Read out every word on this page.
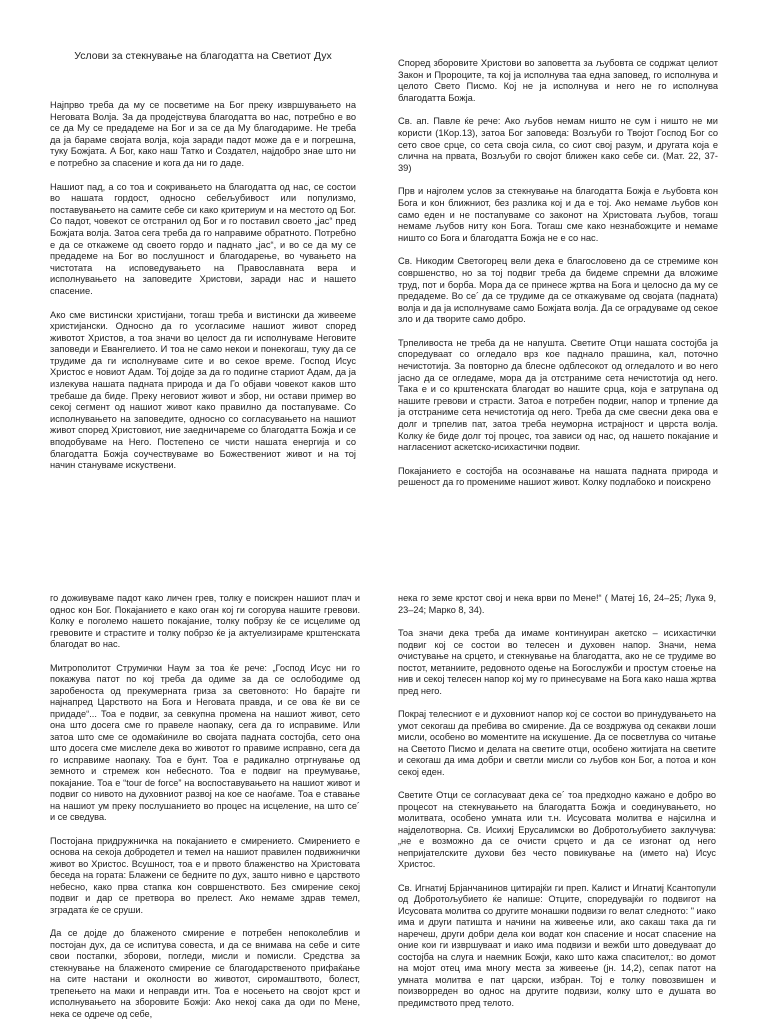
Услови за стекнување на благодатта на Светиот Дух

Најпрво треба да му се посветиме на Бог преку извршувањето на Неговата Волја. За да продејствува благодатта во нас, потребно е во се да Му се предадеме на Бог и за се да Му благодариме. Не треба да ја бараме својата волја, која заради падот може да е и погрешна, туку Божјата. А Бог, како наш Татко и Создател, најдобро знае што ни е потребно за спасение и кога да ни го даде.

Нашиот пад, а со тоа и сокривањето на благодатта од нас, се состои во нашата гордост, односно себељубивост или популизмо, поставувањето на самите себе си како критериум и на местото од Бог. Со падот, човекот се отстранил од Бог и го поставил своето „јас“ пред Божјата волја. Затоа сега треба да го направиме обратното. Потребно е да се откажеме од своето гордо и паднато „јас“, и во се да му се предадеме на Бог во послушност и благодарење, во чувањето на чистотата на исповедувањето на Православната вера и исполнувањето на заповедите Христови, заради нас и нашето спасение.

Ако сме вистински христијани, тогаш треба и вистински да живееме христијански. Односно да го усогласиме нашиот живот според животот Христов, а тоа значи во целост да ги исполнуваме Неговите заповеди и Евангелието. И тоа не само некои и понекогаш, туку да се трудиме да ги исполнуваме сите и во секое време. Господ Исус Христос е новиот Адам. Тој дојде за да го подигне стариот Адам, да ја излекува нашата падната природа и да Го објави човекот каков што требаше да биде. Преку неговиот живот и збор, ни остави пример во секој сегмент од нашиот живот како правилно да постапуваме. Со исполнувањето на заповедите, односно со согласувањето на нашиот живот според Христовиот, ние заедничареме со благодатта Божја и се вподобуваме на Него. Постепено се чисти нашата енергија и со благодатта Божја соучествуваме во Божествениот живот и на тој начин стануваме искуствени.

Според зборовите Христови во заповетта за љубовта се содржат целиот Закон и Пророците, та кој ја исполнува таа една заповед, го исполнува и целото Свето Писмо. Кој не ја исполнува и него не го исполнува благодатта Божја.

Св. ап. Павле ќе рече: Ако љубов немам ништо не сум і ништо не ми користи (1Кор.13), затоа Бог заповеда: Возљуби го Твојот Господ Бог со сето свое срце, со сета своја сила, со сиот свој разум, и другата која е слична на првата, Возљуби го својот ближен како себе си. (Мат. 22, 37-39)

Прв и најголем услов за стекнување на благодатта Божја е љубовта кон Бога и кон ближниот, без разлика кој и да е тој. Ако немаме љубов кон само еден и не постапуваме со законот на Христовата љубов, тогаш немаме љубов ниту кон Бога. Тогаш сме како незнабожците и немаме ништо со Бога и благодатта Божја не е со нас.

Св. Никодим Светогорец вели дека е благословено да се стремиме кон совршенство, но за тој подвиг треба да бидеме спремни да вложиме труд, пот и борба. Мора да се принесе жртва на Бога и целосно да му се предадеме. Во се´ да се трудиме да се откажуваме од својата (падната) волја и да ја исполнуваме само Божјата волја. Да се оградуваме од секое зло и да творите само добро.

Трпеливоста не треба да не напушта. Светите Отци нашата состојба ја споредуваат со огледало врз кое паднало прашина, кал, поточно нечистотија. За повторно да блесне одблесокот од огледалото и во него јасно да се огледаме, мора да ја отстраниме сета нечистотија од него. Така е и со крштенската благодат во нашите срца, која е затрупана од нашите гревови и страсти. Затоа е потребен подвиг, напор и трпение да ја отстраниме сета нечистотија од него. Треба да сме свесни дека ова е долг и трпелив пат, затоа треба неуморна истрајност и цврста волја. Колку ќе биде долг тој процес, тоа зависи од нас, од нашето покајание и нагласениот аскетско-исихастички подвиг.

Покајанието е состојба на осознавање на нашата падната природа и решеност да го промениме нашиот живот. Колку подлабоко и поискрено

го доживуваме падот како личен грев, толку е поискрен нашиот плач и однос кон Бог. Покајанието е како оган кој ги согорува нашите гревови. Колку е поголемо нашето покајание, толку побрзу ќе се исцелиме од гревовите и страстите и толку побрзо ќе ја актуелизираме крштенската благодат во нас.

Митрополитот Струмички Наум за тоа ќе рече: „Господ Исус ни го покажува патот по кој треба да одиме за да се ослободиме од заробеноста од прекумерната гриза за световното: Но барајте ги најнапред Царството на Бога и Неговата правда, и се ова ќе ви се придаде“... Тоа е подвиг, за севкупна промена на нашиот живот, сето она што досега сме го правеле наопаку, сега да го исправиме. Или затоа што сме се одомаќиниле во својата падната состојба, сето она што досега сме мислеле дека во животот го правиме исправно, сега да го исправиме наопаку. Тоа е бунт. Тоа е радикално отргнување од земното и стремеж кон небесното. Тоа е подвиг на преумување, покајание. Тоа е “tour de force” на воспоставувањето на нашиот живот и подвиг со нивото на духовниот развој на кое се наоѓаме. Тоа е ставање на нашиот ум преку послушанието во процес на исцеление, на што се´ и се сведува.

Постојана придружничка на покајанието е смирението. Смирението е основа на секоја добродетел и темел на нашиот правилен подвижнички живот во Христос. Всушност, тоа е и првото блаженство на Христовата беседа на гората: Блажени се бедните по дух, зашто нивно е царството небесно, како прва стапка кон совршенството. Без смирение секој подвиг и дар се претвора во прелест. Ако немаме здрав темел, зградата ќе се сруши.

Да се дојде до блаженото смирение е потребен непоколеблив и постојан дух, да се испитува совеста, и да се внимава на себе и сите свои постапки, зборови, погледи, мисли и помисли. Средства за стекнување на блаженото смирение се благодарственото прифаќање на сите настани и околности во животот, сиромаштвото, болест, трепењето на маки и неправди итн. Тоа е носењето на својот крст и исполнувањето на зборовите Божји: Ако некој сака да оди по Мене, нека се одрече од себе,

нека го земе крстот свој и нека врви по Мене!“ ( Матеј 16, 24–25; Лука 9, 23–24; Марко 8, 34).

Тоа значи дека треба да имаме континуиран акетско – исихастички подвиг кој се состои во телесен и духовен напор. Значи, нема очистување на срцето, и стекнување на благодатта, ако не се трудиме во постот, метаниите, редовното одење на Богослужби и простум стоење на нив и секој телесен напор кој му го принесуваме на Бога како наша жртва пред него.

Покрај телесниот е и духовниот напор кој се состои во принудувањето на умот секогаш да пребива во смирение. Да се воздржува од секакви лоши мисли, особено во моментите на искушение. Да се посветлува со читање на Светото Писмо и делата на светите отци, особено житијата на светите и секогаш да има добри и светли мисли со љубов кон Бог, а потоа и кон секој еден.

Светите Отци се согласуваат дека се´ тоа предходно кажано е добро во процесот на стекнувањето на благодатта Божја и соединувањето, но молитвата, особено умната или т.н. Исусовата молитва е најсилна и најделотворна. Св. Исихиј Ерусалимски во Добротољубието заклучува: „не е возможно да се очисти срцето и да се изгонат од него непријателските духови без често повикување на (името на) Исус Христос.

Св. Игнатиј Брјанчанинов цитирајќи ги преп. Калист и Игнатиј Ксантопули од Добротољубието ќе напише: Отците, споредувајќи го подвигот на Исусовата молитва со другите монашки подвизи го велат следното: " иако има и други патишта и начини на живеење или, ако сакаш така да ги наречеш, други добри дела кои водат кон спасение и носат спасение на оние кои ги извршуваат и иако има подвизи и вежби што доведуваат до состојба на слуга и наемник Божји, како што кажа спасителот,: во домот на мојот отец има многу места за живеење (јн. 14,2), сепак патот на умната молитва е пат царски, избран. Тој е толку повозвишен и поизворреден во однос на другите подвизи, колку што е душата во предимството пред телото.
